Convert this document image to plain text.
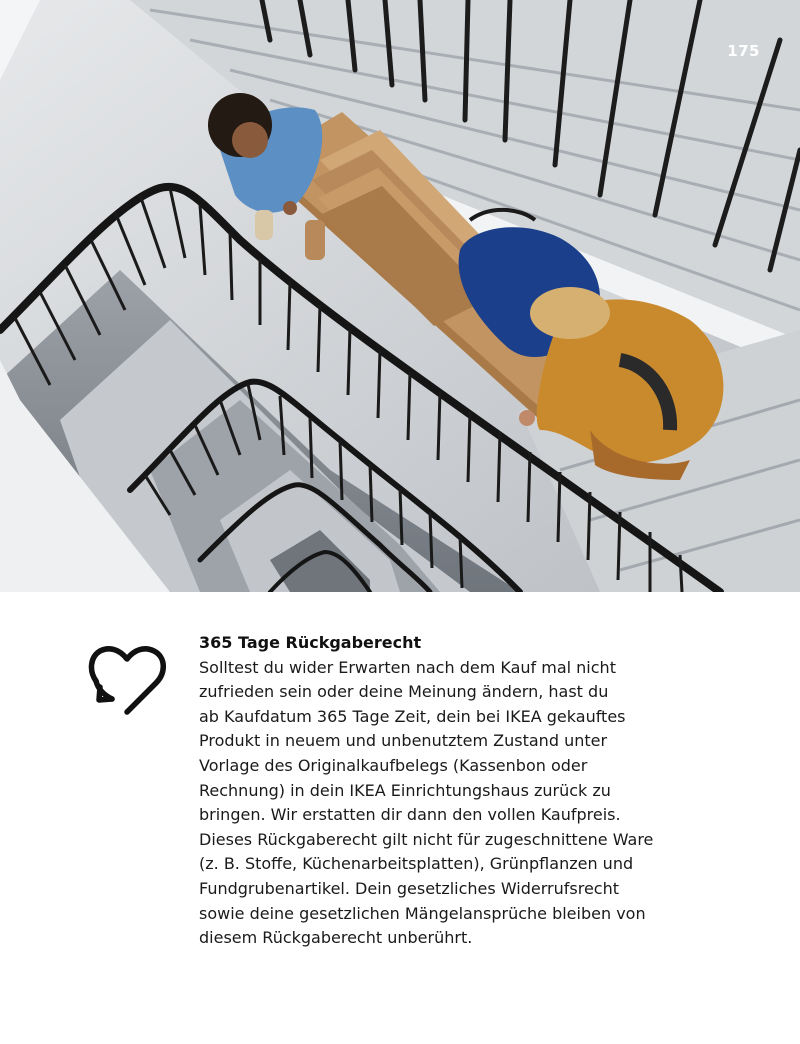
175
365 Tage Rückgaberecht

Solltest du wider Erwarten nach dem Kauf mal nicht
zufrieden sein oder deine Meinung ändern, hast du
ab Kaufdatum 365 Tage Zeit, dein bei IKEA gekauftes
Produkt in neuem und unbenutztem Zustand unter
Vorlage des Originalkaufbelegs (Kassenbon oder
Rechnung) in dein IKEA Einrichtungshaus zurück zu
bringen. Wir erstatten dir dann den vollen Kaufpreis.
Dieses Rückgaberecht gilt nicht für zugeschnittene Ware
(z. B. Stoffe, Küchenarbeitsplatten), Grünpflanzen und
Fundgrubenartikel. Dein gesetzliches Widerrufsrecht
sowie deine gesetzlichen Mängelansprüche bleiben von
diesem Rückgaberecht unberührt.
